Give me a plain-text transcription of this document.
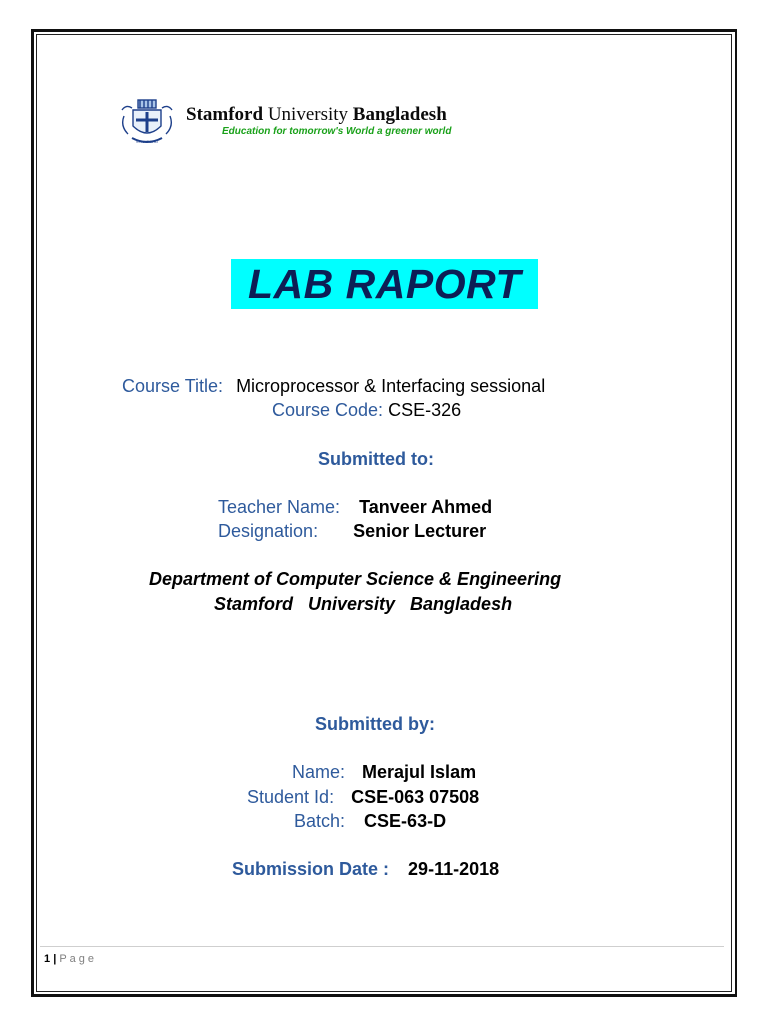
STAMFORD
Stamford University Bangladesh
Education for tomorrow's World a greener world
LAB RAPORT
Course Title: Microprocessor & Interfacing sessional
Course Code: CSE-326
Submitted to:
Teacher Name: Tanveer Ahmed
Designation: Senior Lecturer
Department of Computer Science & Engineering
Stamford   University   Bangladesh
Submitted by:
Name: Merajul Islam
Student Id: CSE-063 07508
Batch: CSE-63-D
Submission Date : 29-11-2018
1 | Page
